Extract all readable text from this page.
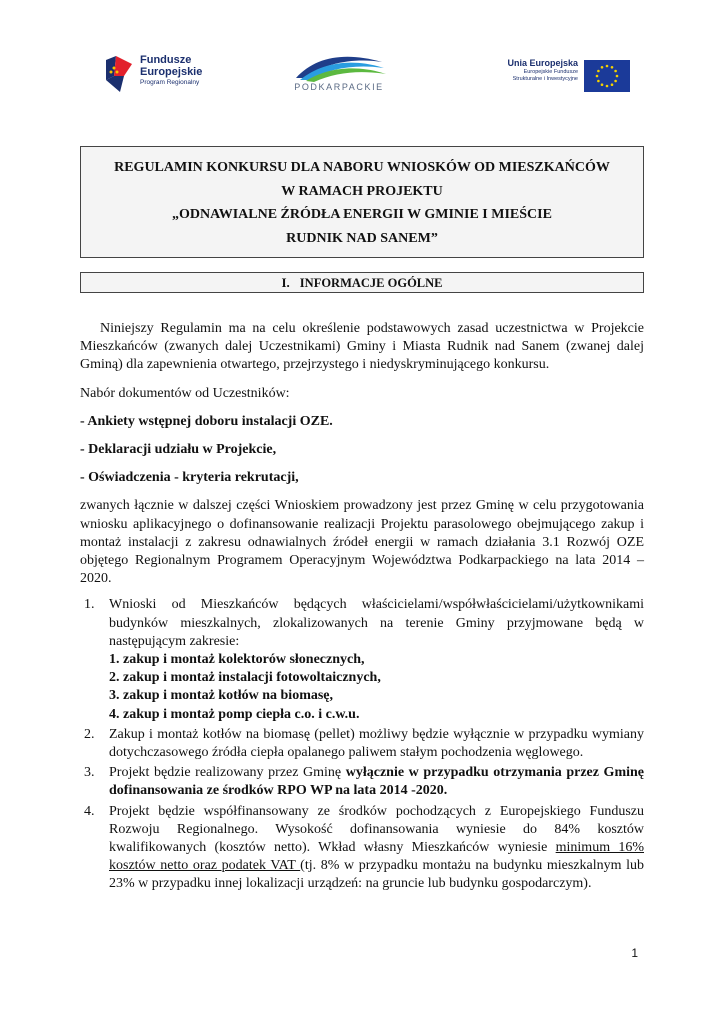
Fundusze
Europejskie
Program Regionalny	PODKARPACKIE
Unia Europejska
Europejskie Fundusze
Strukturalne i Inwestycyjne
REGULAMIN KONKURSU DLA NABORU WNIOSKÓW OD MIESZKAŃCÓW
W RAMACH PROJEKTU
„ODNAWIALNE ŹRÓDŁA ENERGII W GMINIE I MIEŚCIE
RUDNIK NAD SANEM”
I. INFORMACJE OGÓLNE

Niniejszy Regulamin ma na celu określenie podstawowych zasad uczestnictwa w Projekcie Mieszkańców (zwanych dalej Uczestnikami) Gminy i Miasta Rudnik nad Sanem (zwanej dalej Gminą) dla zapewnienia otwartego, przejrzystego i niedyskryminującego konkursu.

Nabór dokumentów od Uczestników:

- Ankiety wstępnej doboru instalacji OZE.

- Deklaracji udziału w Projekcie,

- Oświadczenia - kryteria rekrutacji,

zwanych łącznie w dalszej części Wnioskiem prowadzony jest przez Gminę w celu przygotowania wniosku aplikacyjnego o dofinansowanie realizacji Projektu parasolowego obejmującego zakup i montaż instalacji z zakresu odnawialnych źródeł energii w ramach działania 3.1 Rozwój OZE objętego Regionalnym Programem Operacyjnym Województwa Podkarpackiego na lata 2014 – 2020.

1. Wnioski od Mieszkańców będących właścicielami/współwłaścicielami/użytkownikami budynków mieszkalnych, zlokalizowanych na terenie Gminy przyjmowane będą w następującym zakresie:
1. zakup i montaż kolektorów słonecznych,
2. zakup i montaż instalacji fotowoltaicznych,
3. zakup i montaż kotłów na biomasę,
4. zakup i montaż pomp ciepła c.o. i c.w.u.
2. Zakup i montaż kotłów na biomasę (pellet) możliwy będzie wyłącznie w przypadku wymiany dotychczasowego źródła ciepła opalanego paliwem stałym pochodzenia węglowego.
3. Projekt będzie realizowany przez Gminę wyłącznie w przypadku otrzymania przez Gminę dofinansowania ze środków RPO WP na lata 2014 -2020.
4. Projekt będzie współfinansowany ze środków pochodzących z Europejskiego Funduszu Rozwoju Regionalnego. Wysokość dofinansowania wyniesie do 84% kosztów kwalifikowanych (kosztów netto). Wkład własny Mieszkańców wyniesie minimum 16% kosztów netto oraz podatek VAT (tj. 8% w przypadku montażu na budynku mieszkalnym lub 23% w przypadku innej lokalizacji urządzeń: na gruncie lub budynku gospodarczym).
1
